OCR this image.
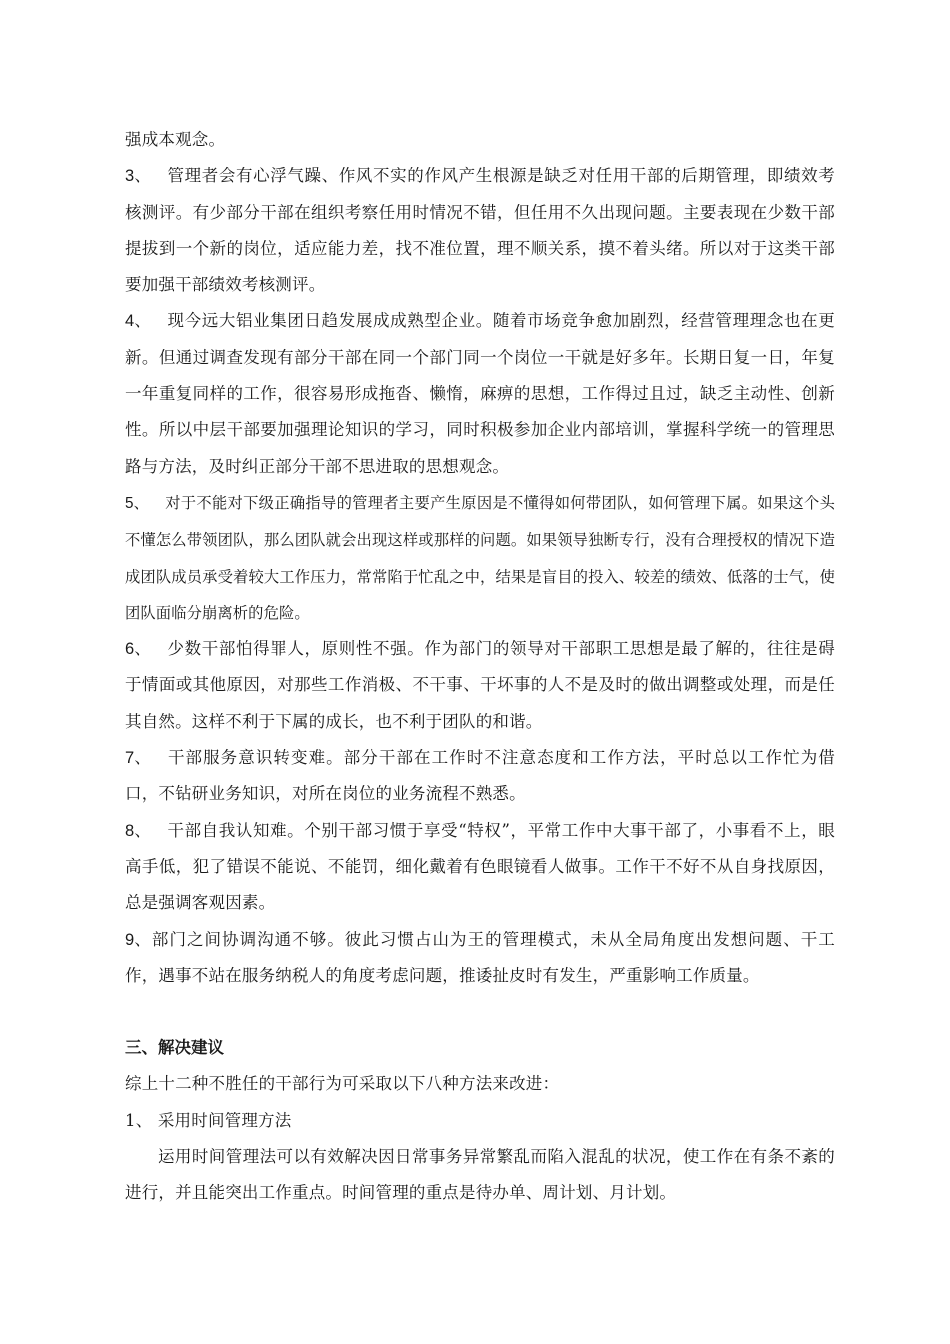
强成本观念。

3、 管理者会有心浮气躁、作风不实的作风产生根源是缺乏对任用干部的后期管理，即绩效考核测评。有少部分干部在组织考察任用时情况不错，但任用不久出现问题。主要表现在少数干部提拔到一个新的岗位，适应能力差，找不准位置，理不顺关系，摸不着头绪。所以对于这类干部要加强干部绩效考核测评。

4、 现今远大铝业集团日趋发展成成熟型企业。随着市场竞争愈加剧烈，经营管理理念也在更新。但通过调查发现有部分干部在同一个部门同一个岗位一干就是好多年。长期日复一日，年复一年重复同样的工作，很容易形成拖沓、懒惰，麻痹的思想，工作得过且过，缺乏主动性、创新性。所以中层干部要加强理论知识的学习，同时积极参加企业内部培训，掌握科学统一的管理思路与方法，及时纠正部分干部不思进取的思想观念。

5、 对于不能对下级正确指导的管理者主要产生原因是不懂得如何带团队，如何管理下属。如果这个头不懂怎么带领团队，那么团队就会出现这样或那样的问题。如果领导独断专行，没有合理授权的情况下造成团队成员承受着较大工作压力，常常陷于忙乱之中，结果是盲目的投入、较差的绩效、低落的士气，使团队面临分崩离析的危险。

6、 少数干部怕得罪人，原则性不强。作为部门的领导对干部职工思想是最了解的，往往是碍于情面或其他原因，对那些工作消极、不干事、干坏事的人不是及时的做出调整或处理，而是任其自然。这样不利于下属的成长，也不利于团队的和谐。

7、 干部服务意识转变难。部分干部在工作时不注意态度和工作方法，平时总以工作忙为借口，不钻研业务知识，对所在岗位的业务流程不熟悉。

8、 干部自我认知难。个别干部习惯于享受“特权”，平常工作中大事干部了，小事看不上，眼高手低，犯了错误不能说、不能罚，细化戴着有色眼镜看人做事。工作干不好不从自身找原因，总是强调客观因素。

9、部门之间协调沟通不够。彼此习惯占山为王的管理模式，未从全局角度出发想问题、干工作，遇事不站在服务纳税人的角度考虑问题，推诿扯皮时有发生，严重影响工作质量。

三、解决建议

综上十二种不胜任的干部行为可采取以下八种方法来改进：

1、 采用时间管理方法

运用时间管理法可以有效解决因日常事务异常繁乱而陷入混乱的状况，使工作在有条不紊的进行，并且能突出工作重点。时间管理的重点是待办单、周计划、月计划。
